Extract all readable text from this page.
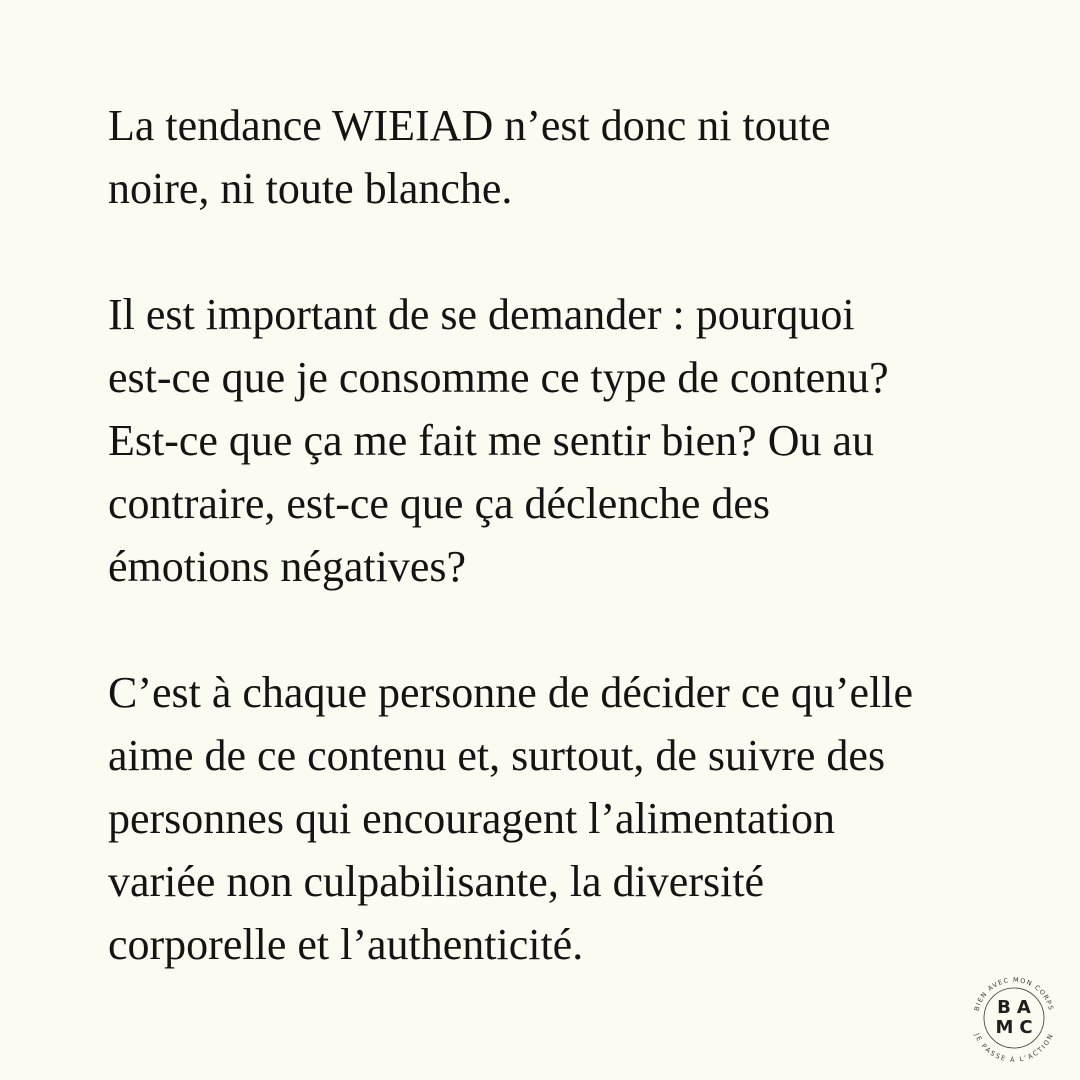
La tendance WIEIAD n’est donc ni toute
noire, ni toute blanche.

Il est important de se demander : pourquoi
est-ce que je consomme ce type de contenu?
Est-ce que ça me fait me sentir bien? Ou au
contraire, est-ce que ça déclenche des
émotions négatives?

C’est à chaque personne de décider ce qu’elle
aime de ce contenu et, surtout, de suivre des
personnes qui encouragent l’alimentation
variée non culpabilisante, la diversité
corporelle et l’authenticité.

BIEN AVEC MON CORPS
JE PASSE À L’ACTION
BA
MC
